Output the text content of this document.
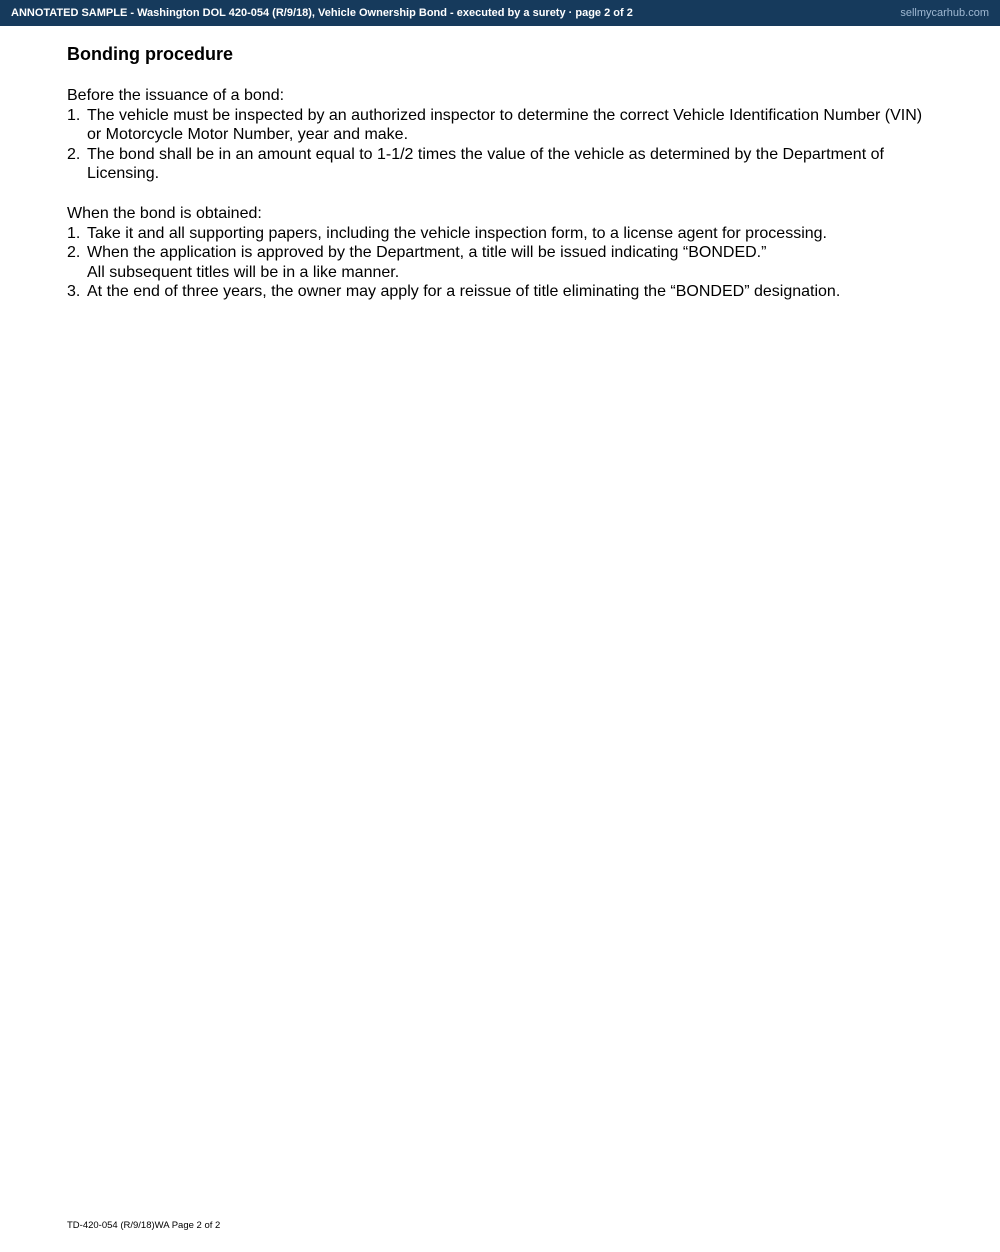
ANNOTATED SAMPLE - Washington DOL 420-054 (R/9/18), Vehicle Ownership Bond - executed by a surety · page 2 of 2	sellmycarhub.com
Bonding procedure

Before the issuance of a bond:

1. The vehicle must be inspected by an authorized inspector to determine the correct Vehicle Identification Number (VIN)
or Motorcycle Motor Number, year and make.
2. The bond shall be in an amount equal to 1-1/2 times the value of the vehicle as determined by the Department of
Licensing.

When the bond is obtained:

1. Take it and all supporting papers, including the vehicle inspection form, to a license agent for processing.
2. When the application is approved by the Department, a title will be issued indicating “BONDED.”
All subsequent titles will be in a like manner.
3. At the end of three years, the owner may apply for a reissue of title eliminating the “BONDED” designation.
TD-420-054 (R/9/18)WA Page 2 of 2
